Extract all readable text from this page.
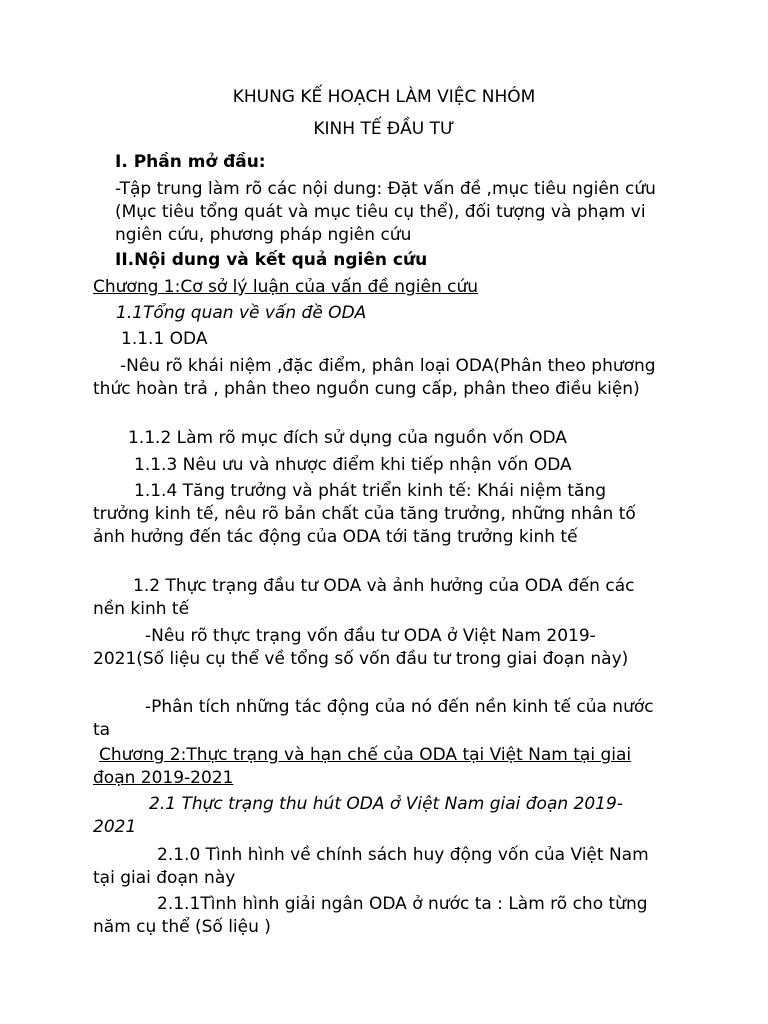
KHUNG KẾ HOẠCH LÀM VIỆC NHÓM

KINH TẾ ĐẦU TƯ

I. Phần mở đầu:

-Tập trung làm rõ các nội dung: Đặt vấn đề ,mục tiêu ngiên cứu (Mục tiêu tổng quát và mục tiêu cụ thể), đối tượng và phạm vi ngiên cứu, phương pháp ngiên cứu

II.Nội dung và kết quả ngiên cứu

Chương 1:Cơ sở lý luận của vấn đề ngiên cứu

1.1Tổng quan về vấn đề ODA

1.1.1 ODA

-Nêu rõ khái niệm ,đặc điểm, phân loại ODA(Phân theo phương thức hoàn trả , phân theo nguồn cung cấp, phân theo điều kiện)

1.1.2 Làm rõ mục đích sử dụng của nguồn vốn ODA

1.1.3 Nêu ưu và nhược điểm khi tiếp nhận vốn ODA

1.1.4 Tăng trưởng và phát triển kinh tế: Khái niệm tăng trưởng kinh tế, nêu rõ bản chất của tăng trưởng, những nhân tố ảnh hưởng đến tác động của ODA tới tăng trưởng kinh tế

1.2 Thực trạng đầu tư ODA và ảnh hưởng của ODA đến các nền kinh tế

-Nêu rõ thực trạng vốn đầu tư ODA ở Việt Nam 2019-2021(Số liệu cụ thể về tổng số vốn đầu tư trong giai đoạn này)

-Phân tích những tác động của nó đến nền kinh tế của nước ta

Chương 2:Thực trạng và hạn chế của ODA tại Việt Nam tại giai đoạn 2019-2021

2.1 Thực trạng thu hút ODA ở Việt Nam giai đoạn 2019-2021

2.1.0 Tình hình về chính sách huy động vốn của Việt Nam tại giai đoạn này

2.1.1Tình hình giải ngân ODA ở nước ta : Làm rõ cho từng năm cụ thể (Số liệu )
